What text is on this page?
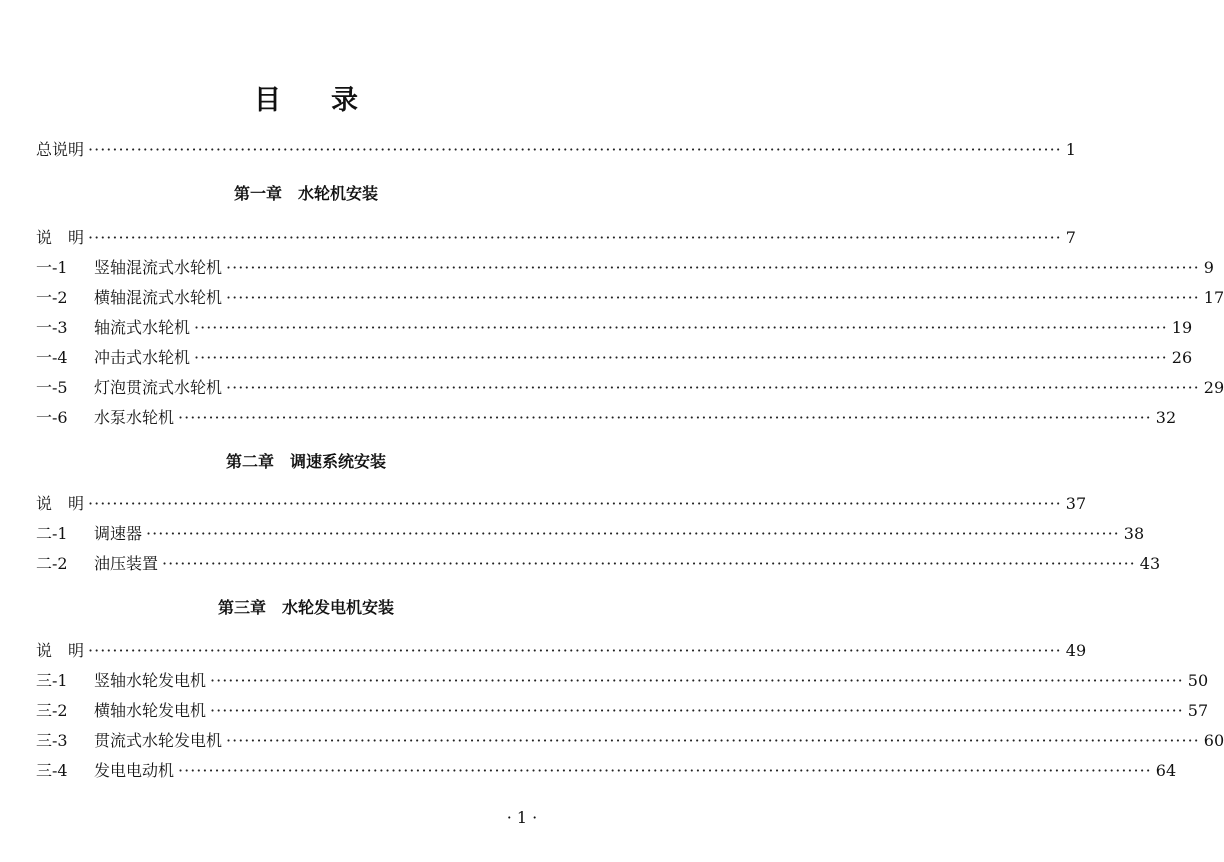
目 录
总说明 ································································································································································ 1
第一章 水轮机安装
说　明 ································································································································································ 7
一-1	竖轴混流式水轮机 ································································································································································ 9
一-2	横轴混流式水轮机 ································································································································································ 17
一-3	轴流式水轮机 ································································································································································ 19
一-4	冲击式水轮机 ································································································································································ 26
一-5	灯泡贯流式水轮机 ································································································································································ 29
一-6	水泵水轮机 ································································································································································ 32
第二章 调速系统安装
说　明 ································································································································································ 37
二-1	调速器 ································································································································································ 38
二-2	油压装置 ································································································································································ 43
第三章 水轮发电机安装
说　明 ································································································································································ 49
三-1	竖轴水轮发电机 ································································································································································ 50
三-2	横轴水轮发电机 ································································································································································ 57
三-3	贯流式水轮发电机 ································································································································································ 60
三-4	发电电动机 ································································································································································ 64
· 1 ·
